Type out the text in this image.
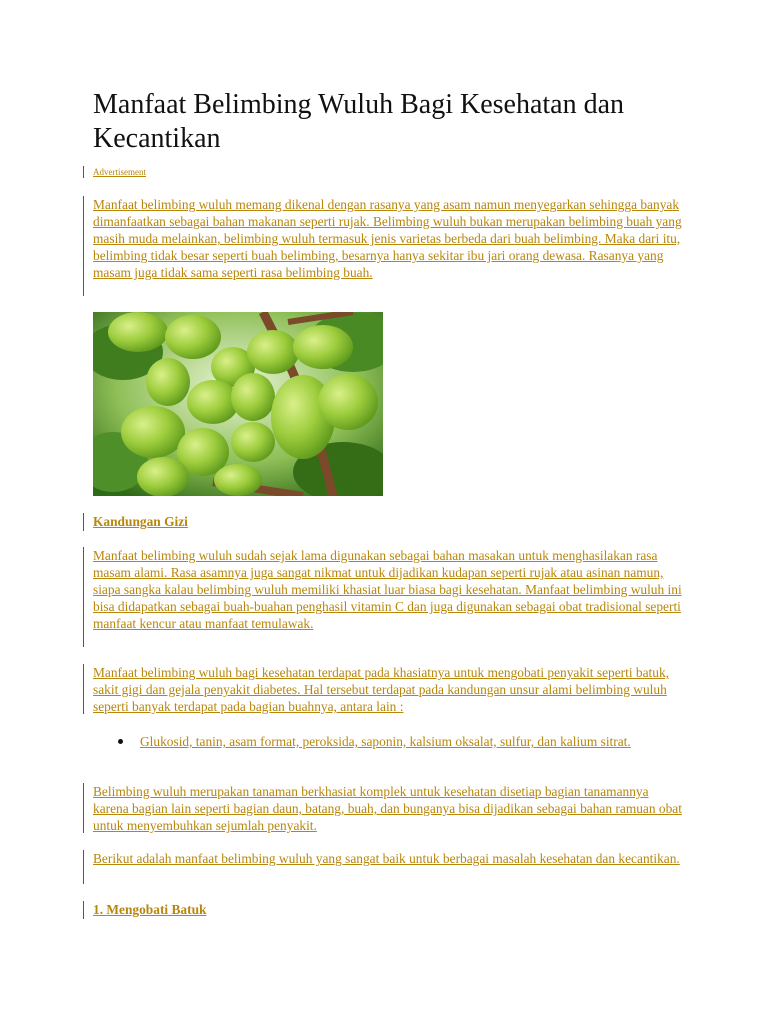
Manfaat Belimbing Wuluh Bagi Kesehatan dan Kecantikan

Advertisement

Manfaat belimbing wuluh memang dikenal dengan rasanya yang asam namun menyegarkan sehingga banyak dimanfaatkan sebagai bahan makanan seperti rujak. Belimbing wuluh bukan merupakan belimbing buah yang masih muda melainkan, belimbing wuluh termasuk jenis varietas berbeda dari buah belimbing. Maka dari itu, belimbing tidak besar seperti buah belimbing, besarnya hanya sekitar ibu jari orang dewasa. Rasanya yang masam juga tidak sama seperti rasa belimbing buah.

Kandungan Gizi

Manfaat belimbing wuluh sudah sejak lama digunakan sebagai bahan masakan untuk menghasilakan rasa masam alami. Rasa asamnya juga sangat nikmat untuk dijadikan kudapan seperti rujak atau asinan namun, siapa sangka kalau belimbing wuluh memiliki khasiat luar biasa bagi kesehatan. Manfaat belimbing wuluh ini bisa didapatkan sebagai buah-buahan penghasil vitamin C dan juga digunakan sebagai obat tradisional seperti manfaat kencur atau manfaat temulawak.

Manfaat belimbing wuluh bagi kesehatan terdapat pada khasiatnya untuk mengobati penyakit seperti batuk, sakit gigi dan gejala penyakit diabetes. Hal tersebut terdapat pada kandungan unsur alami belimbing wuluh seperti banyak terdapat pada bagian buahnya, antara lain :

Glukosid, tanin, asam format, peroksida, saponin, kalsium oksalat, sulfur, dan kalium sitrat.

Belimbing wuluh merupakan tanaman berkhasiat komplek untuk kesehatan disetiap bagian tanamannya karena bagian lain seperti bagian daun, batang, buah, dan bunganya bisa dijadikan sebagai bahan ramuan obat untuk menyembuhkan sejumlah penyakit.

Berikut adalah manfaat belimbing wuluh yang sangat baik untuk berbagai masalah kesehatan dan kecantikan.

1. Mengobati Batuk
